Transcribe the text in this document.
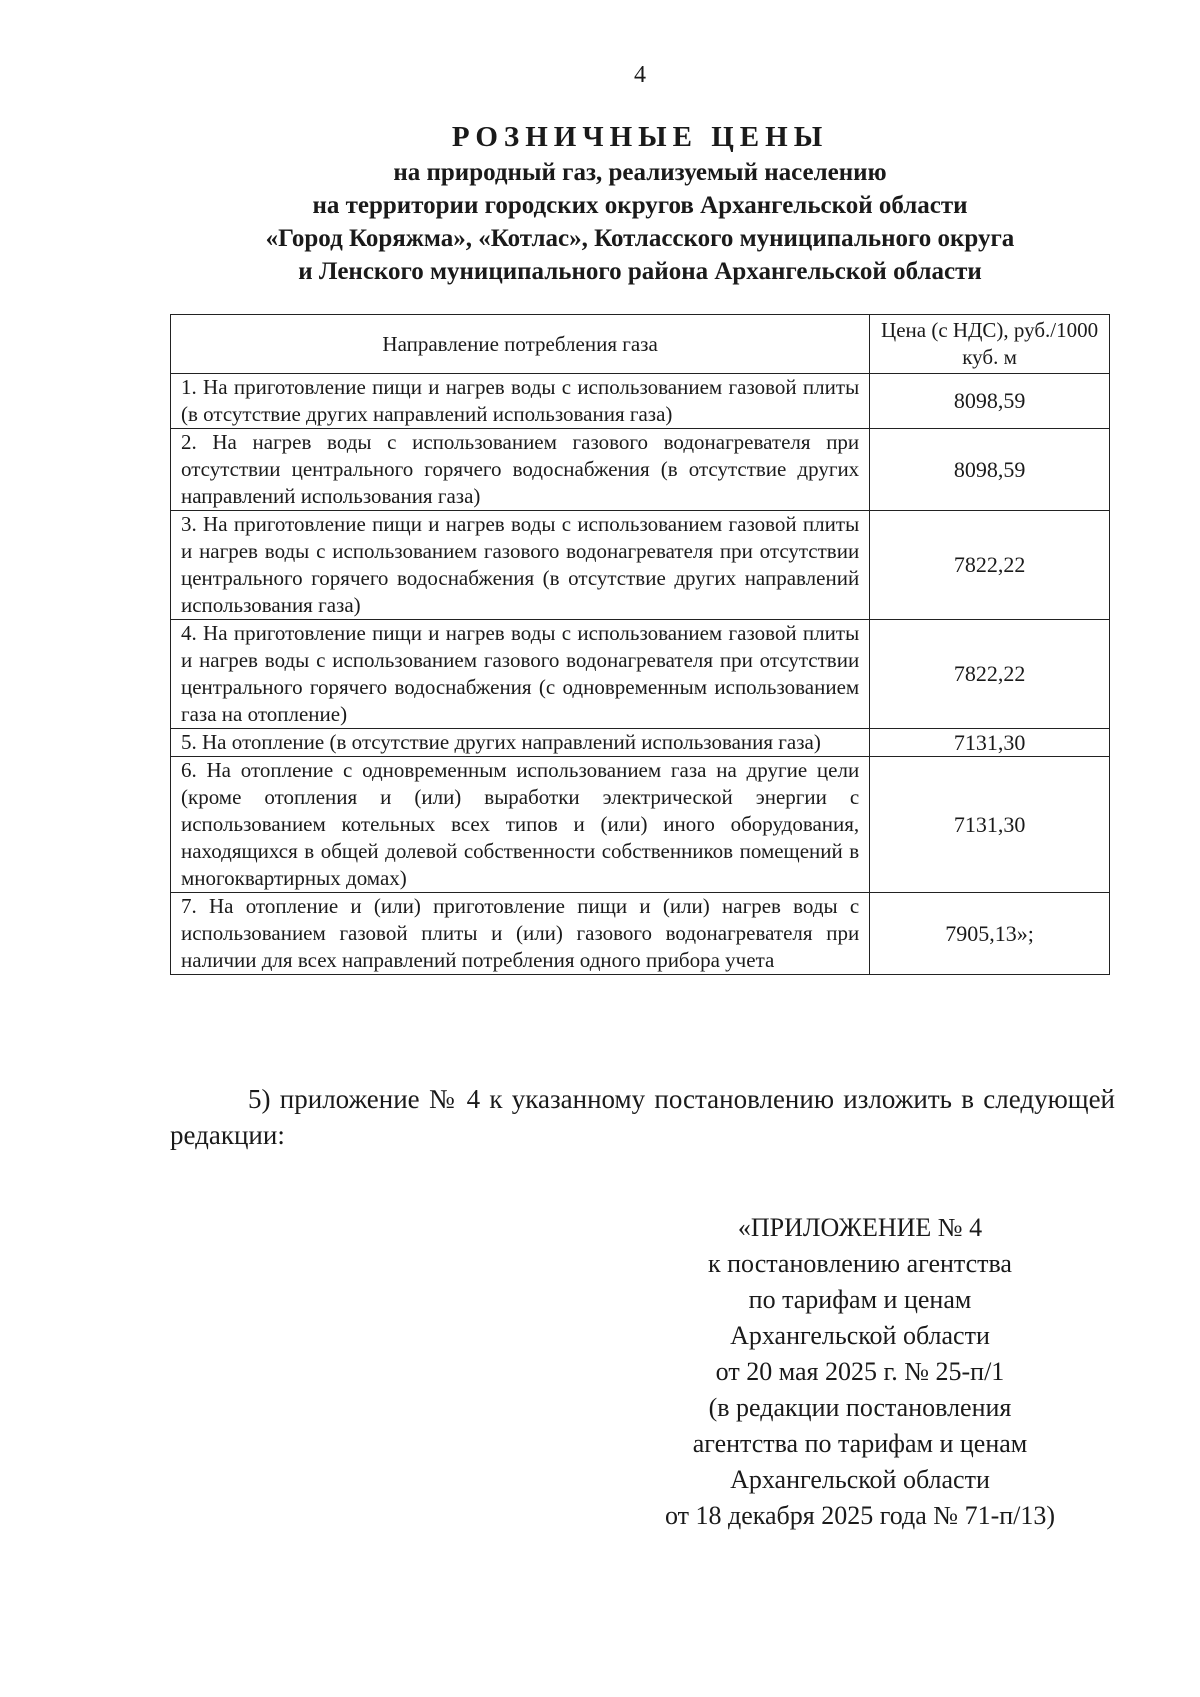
4
РОЗНИЧНЫЕ ЦЕНЫ
на природный газ, реализуемый населению
на территории городских округов Архангельской области
«Город Коряжма», «Котлас», Котласского муниципального округа
и Ленского муниципального района Архангельской области
Направление потребления газа	Цена (с НДС), руб./1000 куб. м
1. На приготовление пищи и нагрев воды с использованием газовой плиты (в отсутствие других направлений использования газа)	8098,59
2. На нагрев воды с использованием газового водонагревателя при отсутствии центрального горячего водоснабжения (в отсутствие других направлений использования газа)	8098,59
3. На приготовление пищи и нагрев воды с использованием газовой плиты и нагрев воды с использованием газового водонагревателя при отсутствии центрального горячего водоснабжения (в отсутствие других направлений использования газа)	7822,22
4. На приготовление пищи и нагрев воды с использованием газовой плиты и нагрев воды с использованием газового водонагревателя при отсутствии центрального горячего водоснабжения (с одновременным использованием газа на отопление)	7822,22
5. На отопление (в отсутствие других направлений использования газа)	7131,30
6. На отопление с одновременным использованием газа на другие цели (кроме отопления и (или) выработки электрической энергии с использованием котельных всех типов и (или) иного оборудования, находящихся в общей долевой собственности собственников помещений в многоквартирных домах)	7131,30
7. На отопление и (или) приготовление пищи и (или) нагрев воды с использованием газовой плиты и (или) газового водонагревателя при наличии для всех направлений потребления одного прибора учета	7905,13»;
5) приложение № 4 к указанному постановлению изложить в следующей редакции:
«ПРИЛОЖЕНИЕ № 4
к постановлению агентства
по тарифам и ценам
Архангельской области
от 20 мая 2025 г. № 25-п/1
(в редакции постановления
агентства по тарифам и ценам
Архангельской области
от 18 декабря 2025 года № 71-п/13)
